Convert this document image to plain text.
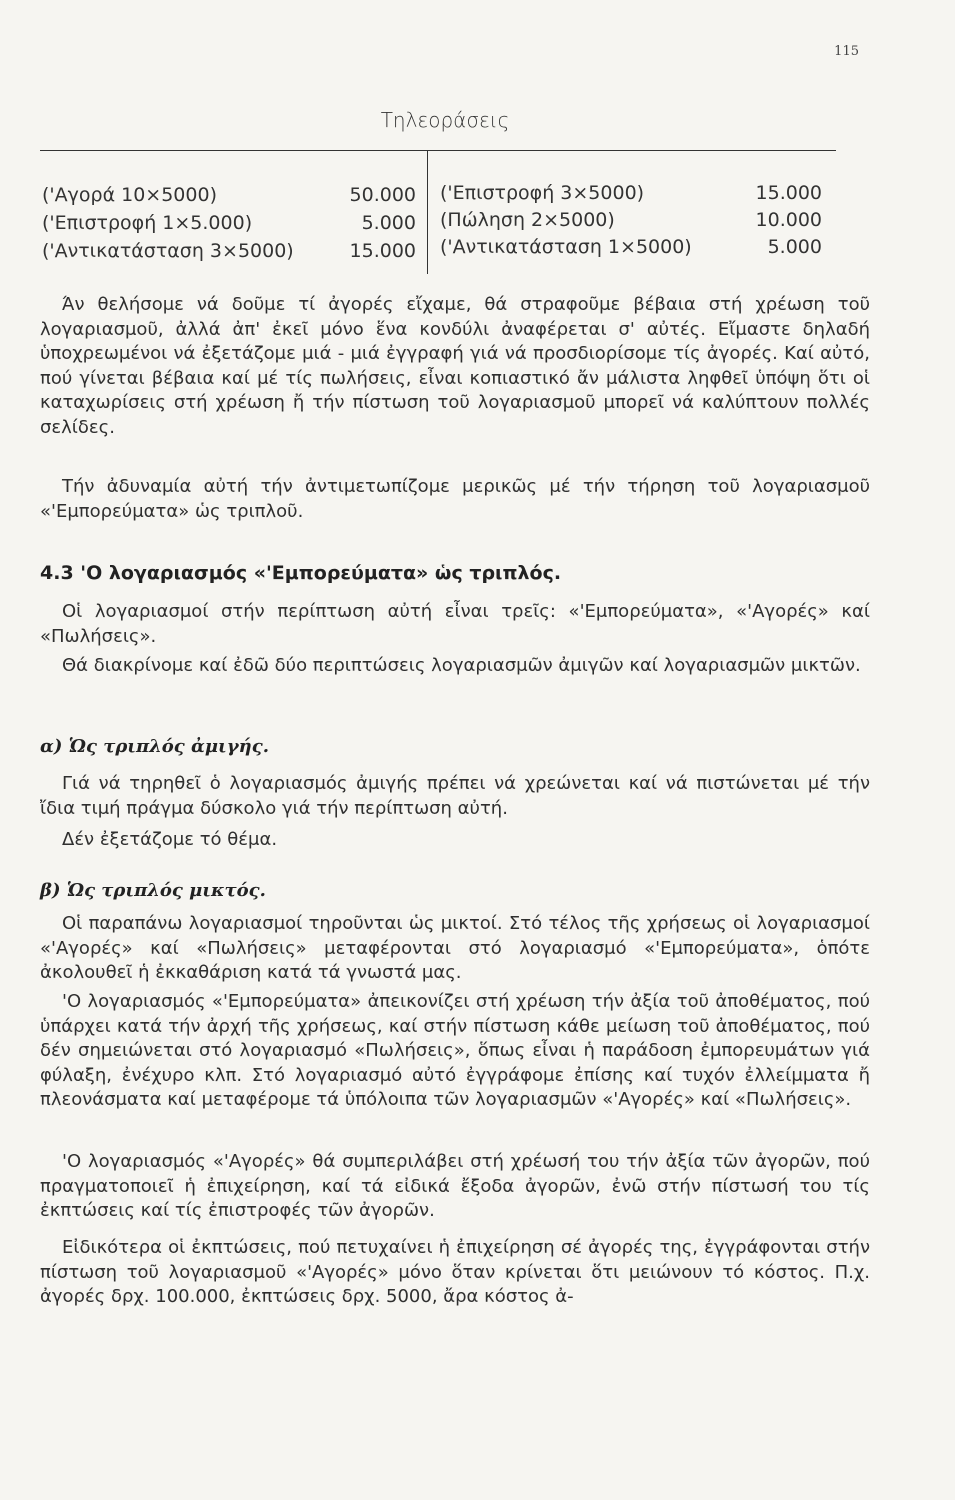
115
Τηλεοράσεις
('Αγορά 10×5000)	50.000
('Επιστροφή 1×5.000)	5.000
('Αντικατάσταση 3×5000)	15.000
('Επιστροφή 3×5000)	15.000
(Πώληση 2×5000)	10.000
('Αντικατάσταση 1×5000)	5.000

Άν θελήσομε νά δοῦμε τί ἀγορές εἴχαμε, θά στραφοῦμε βέβαια στή χρέωση τοῦ λογαριασμοῦ, ἀλλά ἀπ' ἐκεῖ μόνο ἕνα κονδύλι ἀναφέρεται σ' αὐτές. Εἴμαστε δηλαδή ὑποχρεωμένοι νά ἐξετάζομε μιά - μιά ἐγγραφή γιά νά προσδιορίσομε τίς ἀγορές. Καί αὐτό, πού γίνεται βέβαια καί μέ τίς πωλήσεις, εἶναι κοπιαστικό ἄν μάλιστα ληφθεῖ ὑπόψη ὅτι οἱ καταχωρίσεις στή χρέωση ἤ τήν πίστωση τοῦ λογαριασμοῦ μπορεῖ νά καλύπτουν πολλές σελίδες.

Τήν ἀδυναμία αὐτή τήν ἀντιμετωπίζομε μερικῶς μέ τήν τήρηση τοῦ λογαριασμοῦ «'Εμπορεύματα» ὡς τριπλοῦ.

4.3 'Ο λογαριασμός «'Εμπορεύματα» ὡς τριπλός.

Οἱ λογαριασμοί στήν περίπτωση αὐτή εἶναι τρεῖς: «'Εμπορεύματα», «'Αγορές» καί «Πωλήσεις».

Θά διακρίνομε καί ἐδῶ δύο περιπτώσεις λογαριασμῶν ἀμιγῶν καί λογαριασμῶν μικτῶν.

α) Ὡς τριπλός ἀμιγής.

Γιά νά τηρηθεῖ ὁ λογαριασμός ἀμιγής πρέπει νά χρεώνεται καί νά πιστώνεται μέ τήν ἴδια τιμή πράγμα δύσκολο γιά τήν περίπτωση αὐτή.

Δέν ἐξετάζομε τό θέμα.

β) Ὡς τριπλός μικτός.

Οἱ παραπάνω λογαριασμοί τηροῦνται ὡς μικτοί. Στό τέλος τῆς χρήσεως οἱ λογαριασμοί «'Αγορές» καί «Πωλήσεις» μεταφέρονται στό λογαριασμό «'Εμπορεύματα», ὁπότε ἀκολουθεῖ ἡ ἐκκαθάριση κατά τά γνωστά μας.

'Ο λογαριασμός «'Εμπορεύματα» ἀπεικονίζει στή χρέωση τήν ἀξία τοῦ ἀποθέματος, πού ὑπάρχει κατά τήν ἀρχή τῆς χρήσεως, καί στήν πίστωση κάθε μείωση τοῦ ἀποθέματος, πού δέν σημειώνεται στό λογαριασμό «Πωλήσεις», ὅπως εἶναι ἡ παράδοση ἐμπορευμάτων γιά φύλαξη, ἐνέχυρο κλπ. Στό λογαριασμό αὐτό ἐγγράφομε ἐπίσης καί τυχόν ἐλλείμματα ἤ πλεονάσματα καί μεταφέρομε τά ὑπόλοιπα τῶν λογαριασμῶν «'Αγορές» καί «Πωλήσεις».

'Ο λογαριασμός «'Αγορές» θά συμπεριλάβει στή χρέωσή του τήν ἀξία τῶν ἀγορῶν, πού πραγματοποιεῖ ἡ ἐπιχείρηση, καί τά εἰδικά ἔξοδα ἀγορῶν, ἐνῶ στήν πίστωσή του τίς ἐκπτώσεις καί τίς ἐπιστροφές τῶν ἀγορῶν.

Εἰδικότερα οἱ ἐκπτώσεις, πού πετυχαίνει ἡ ἐπιχείρηση σέ ἀγορές της, ἐγγράφονται στήν πίστωση τοῦ λογαριασμοῦ «'Αγορές» μόνο ὅταν κρίνεται ὅτι μειώνουν τό κόστος. Π.χ. ἀγορές δρχ. 100.000, ἐκπτώσεις δρχ. 5000, ἄρα κόστος ἀ-
